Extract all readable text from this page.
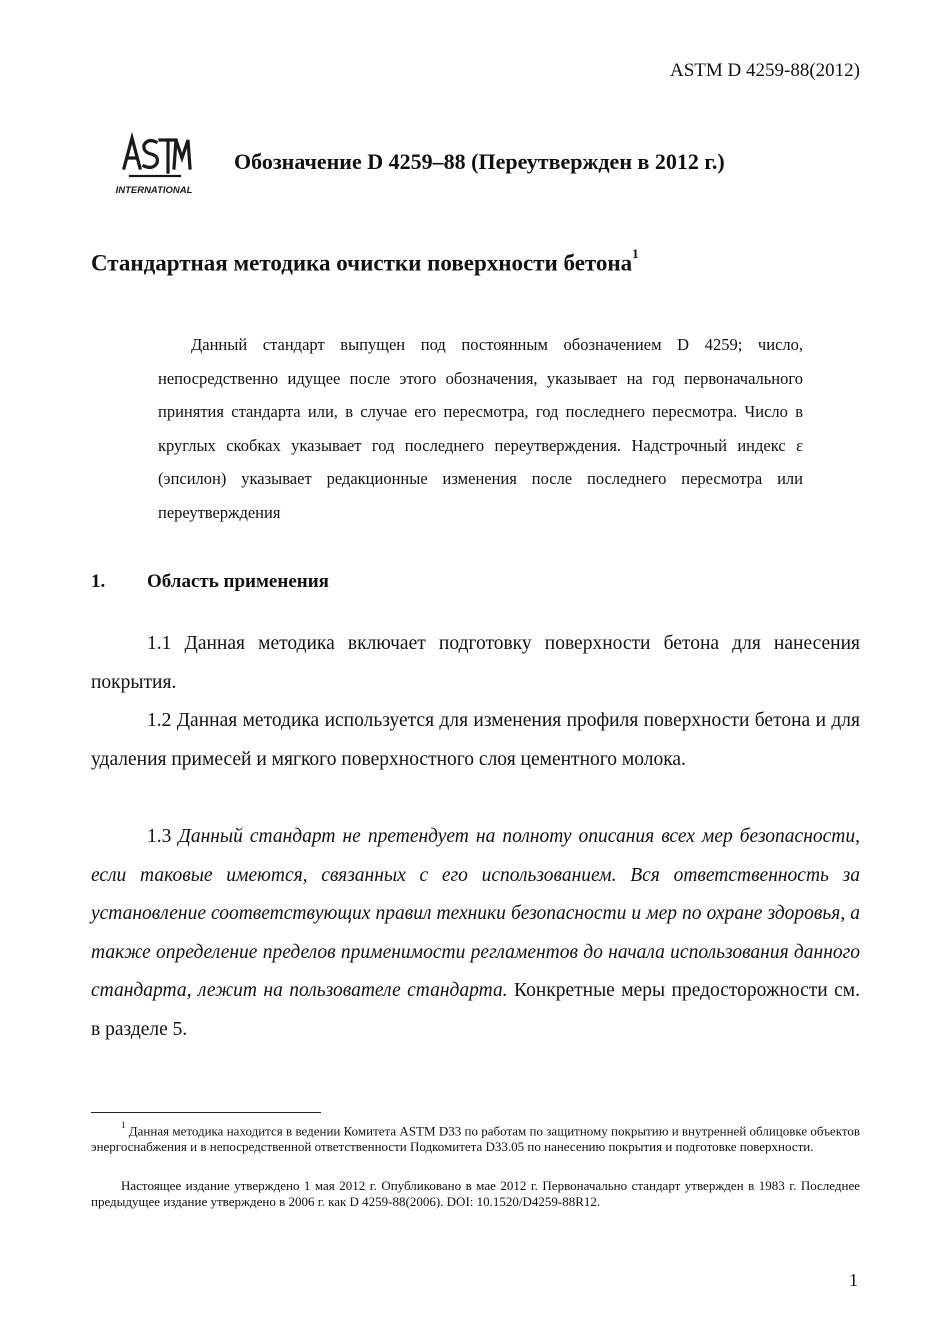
ASTM D 4259-88(2012)
INTERNATIONAL
Обозначение D 4259–88 (Переутвержден в 2012 г.)
Стандартная методика очистки поверхности бетона$^1$

Данный стандарт выпущен под постоянным обозначением D 4259; число, непосредственно идущее после этого обозначения, указывает на год первоначального принятия стандарта или, в случае его пересмотра, год последнего пересмотра. Число в круглых скобках указывает год последнего переутверждения. Надстрочный индекс ε (эпсилон) указывает редакционные изменения после последнего пересмотра или переутверждения

1. Область применения

1.1 Данная методика включает подготовку поверхности бетона для нанесения покрытия.

1.2 Данная методика используется для изменения профиля поверхности бетона и для удаления примесей и мягкого поверхностного слоя цементного молока.

1.3 Данный стандарт не претендует на полноту описания всех мер безопасности, если таковые имеются, связанных с его использованием. Вся ответственность за установление соответствующих правил техники безопасности и мер по охране здоровья, а также определение пределов применимости регламентов до начала использования данного стандарта, лежит на пользователе стандарта. Конкретные меры предосторожности см. в разделе 5.

$^1$ Данная методика находится в ведении Комитета ASTM D33 по работам по защитному покрытию и внутренней облицовке объектов энергоснабжения и в непосредственной ответственности Подкомитета D33.05 по нанесению покрытия и подготовке поверхности.

Настоящее издание утверждено 1 мая 2012 г. Опубликовано в мае 2012 г. Первоначально стандарт утвержден в 1983 г. Последнее предыдущее издание утверждено в 2006 г. как D 4259-88(2006). DOI: 10.1520/D4259-88R12.

1
